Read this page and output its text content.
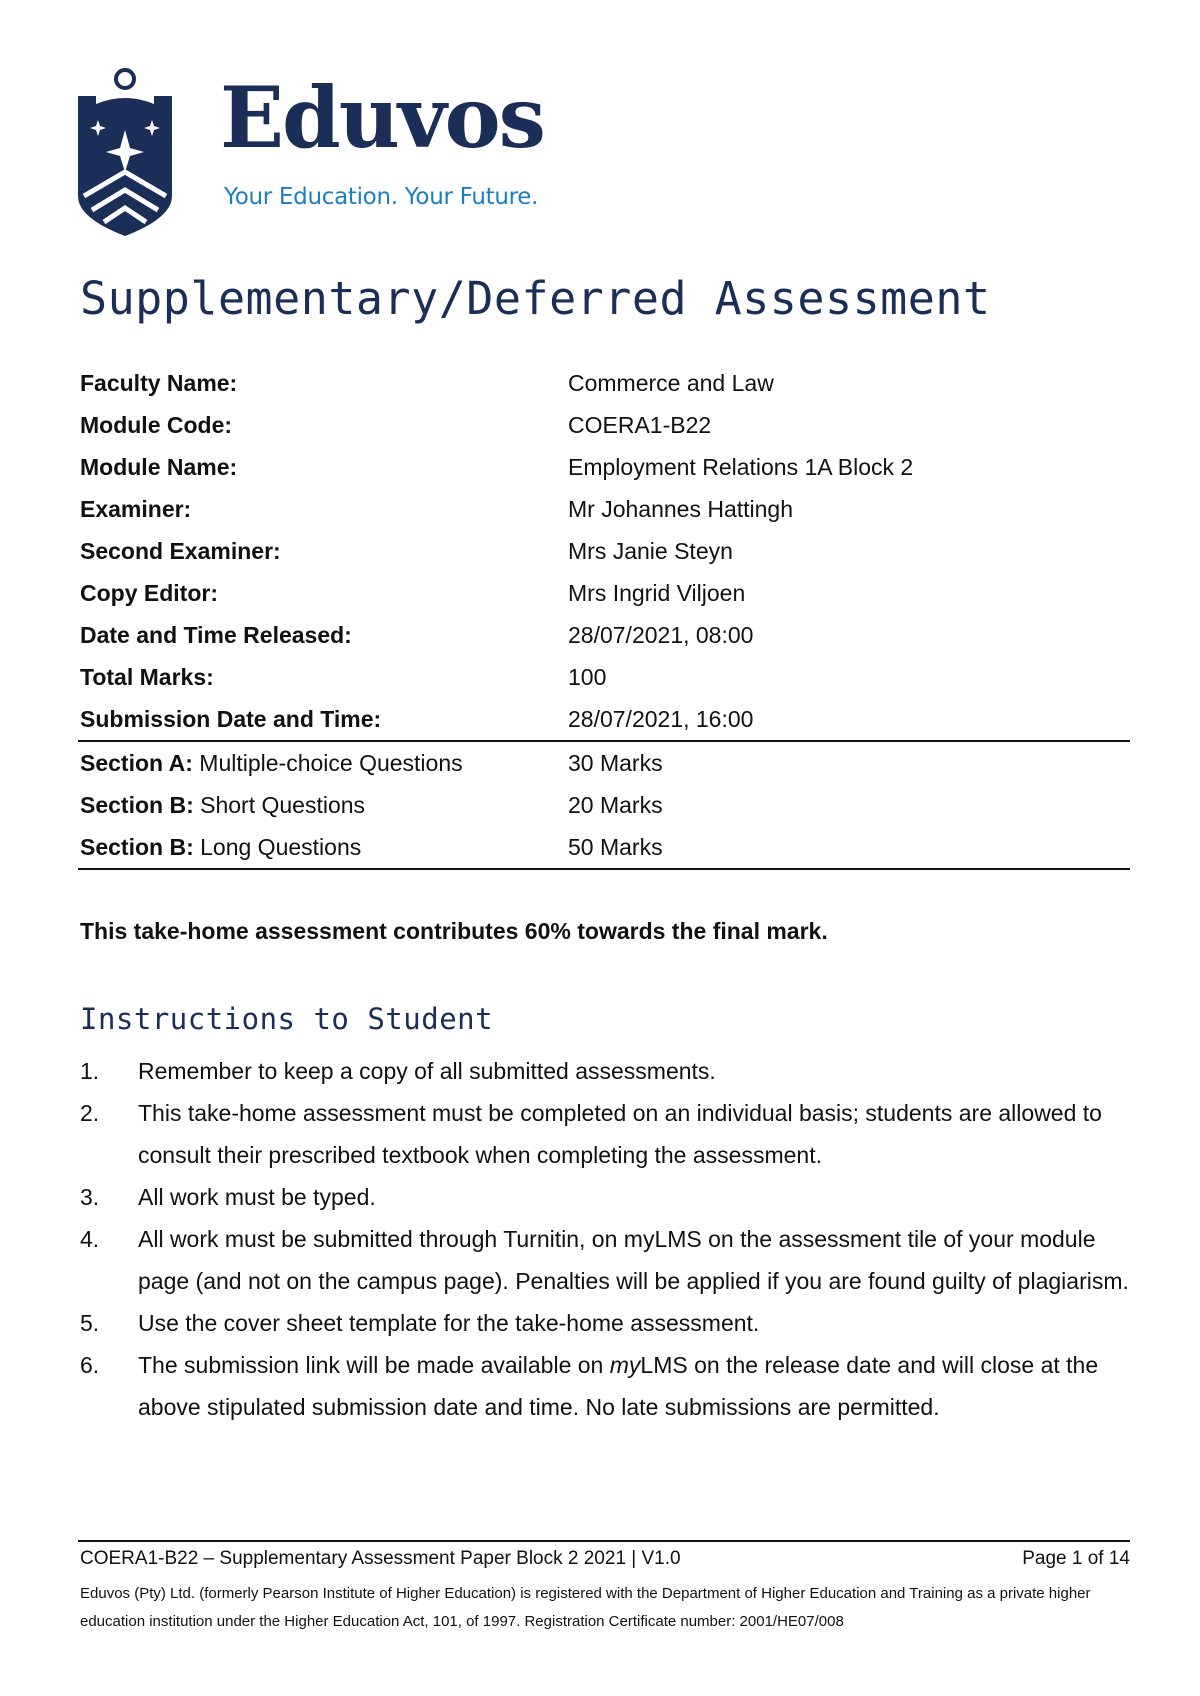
Eduvos
Your Education. Your Future.
Supplementary/Deferred Assessment
Faculty Name:	Commerce and Law
Module Code:	COERA1-B22
Module Name:	Employment Relations 1A Block 2
Examiner:	Mr Johannes Hattingh
Second Examiner:	Mrs Janie Steyn
Copy Editor:	Mrs Ingrid Viljoen
Date and Time Released:	28/07/2021, 08:00
Total Marks:	100
Submission Date and Time:	28/07/2021, 16:00
Section A: Multiple-choice Questions	30 Marks
Section B: Short Questions	20 Marks
Section B: Long Questions	50 Marks
This take-home assessment contributes 60% towards the final mark.
Instructions to Student

1. Remember to keep a copy of all submitted assessments.

2. This take-home assessment must be completed on an individual basis; students are allowed to consult their prescribed textbook when completing the assessment.

3. All work must be typed.

4. All work must be submitted through Turnitin, on myLMS on the assessment tile of your module page (and not on the campus page). Penalties will be applied if you are found guilty of plagiarism.

5. Use the cover sheet template for the take-home assessment.

6. The submission link will be made available on myLMS on the release date and will close at the above stipulated submission date and time. No late submissions are permitted.

COERA1-B22 – Supplementary Assessment Paper Block 2 2021 | V1.0	Page 1 of 14
Eduvos (Pty) Ltd. (formerly Pearson Institute of Higher Education) is registered with the Department of Higher Education and Training as a private higher education institution under the Higher Education Act, 101, of 1997. Registration Certificate number: 2001/HE07/008
